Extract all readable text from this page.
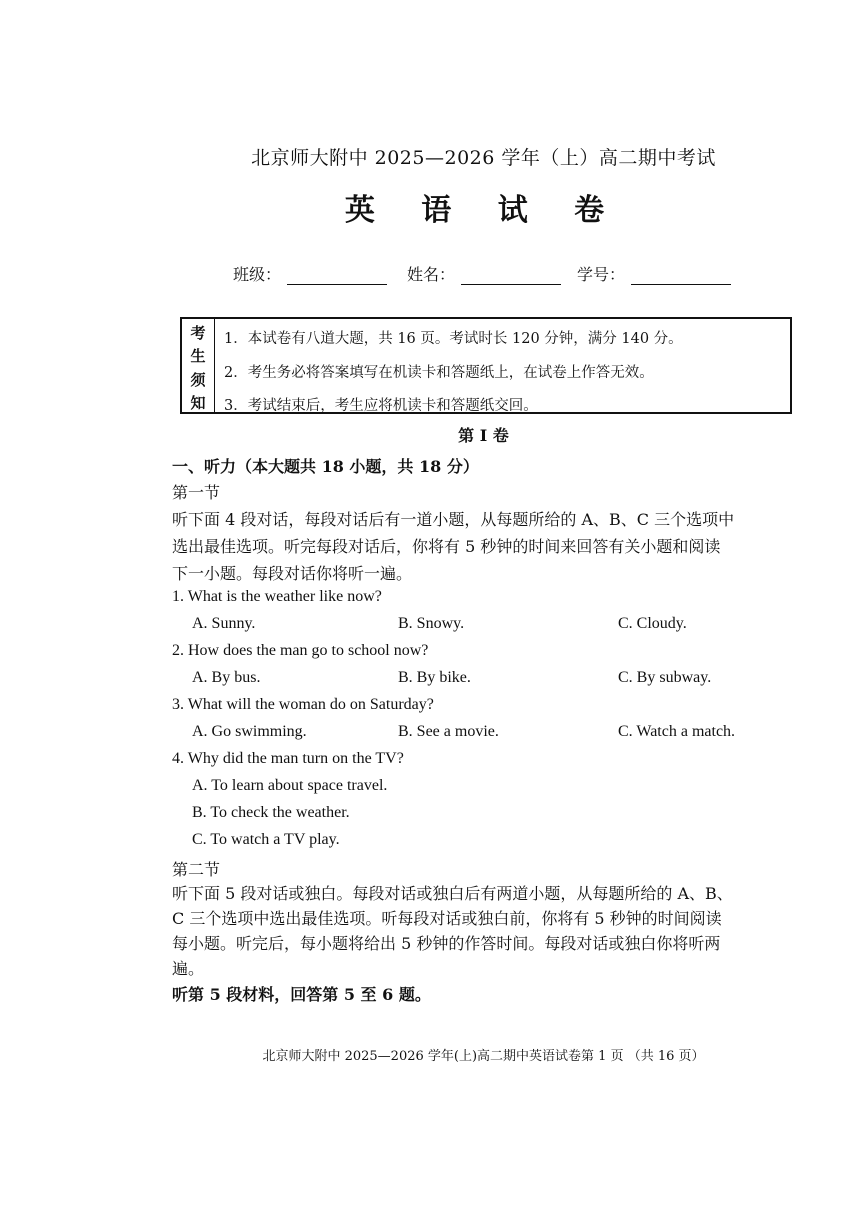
北京师大附中 2025—2026 学年（上）高二期中考试
英 语 试 卷
班级：	姓名：	学号：
考
生
须
知
1．本试卷有八道大题，共 16 页。考试时长 120 分钟，满分 140 分。
2．考生务必将答案填写在机读卡和答题纸上，在试卷上作答无效。
3．考试结束后，考生应将机读卡和答题纸交回。
第 I 卷
一、听力（本大题共 18 小题，共 18 分）
第一节
听下面 4 段对话，每段对话后有一道小题，从每题所给的 A、B、C 三个选项中
选出最佳选项。听完每段对话后，你将有 5 秒钟的时间来回答有关小题和阅读
下一小题。每段对话你将听一遍。
1. What is the weather like now?
A. Sunny.	B. Snowy.	C. Cloudy.
2. How does the man go to school now?
A. By bus.	B. By bike.	C. By subway.
3. What will the woman do on Saturday?
A. Go swimming.	B. See a movie.	C. Watch a match.
4. Why did the man turn on the TV?
A. To learn about space travel.
B. To check the weather.
C. To watch a TV play.
第二节
听下面 5 段对话或独白。每段对话或独白后有两道小题，从每题所给的 A、B、
C 三个选项中选出最佳选项。听每段对话或独白前，你将有 5 秒钟的时间阅读
每小题。听完后，每小题将给出 5 秒钟的作答时间。每段对话或独白你将听两
遍。
听第 5 段材料，回答第 5 至 6 题。
北京师大附中 2025—2026 学年(上)高二期中英语试卷第 1 页 （共 16 页）
